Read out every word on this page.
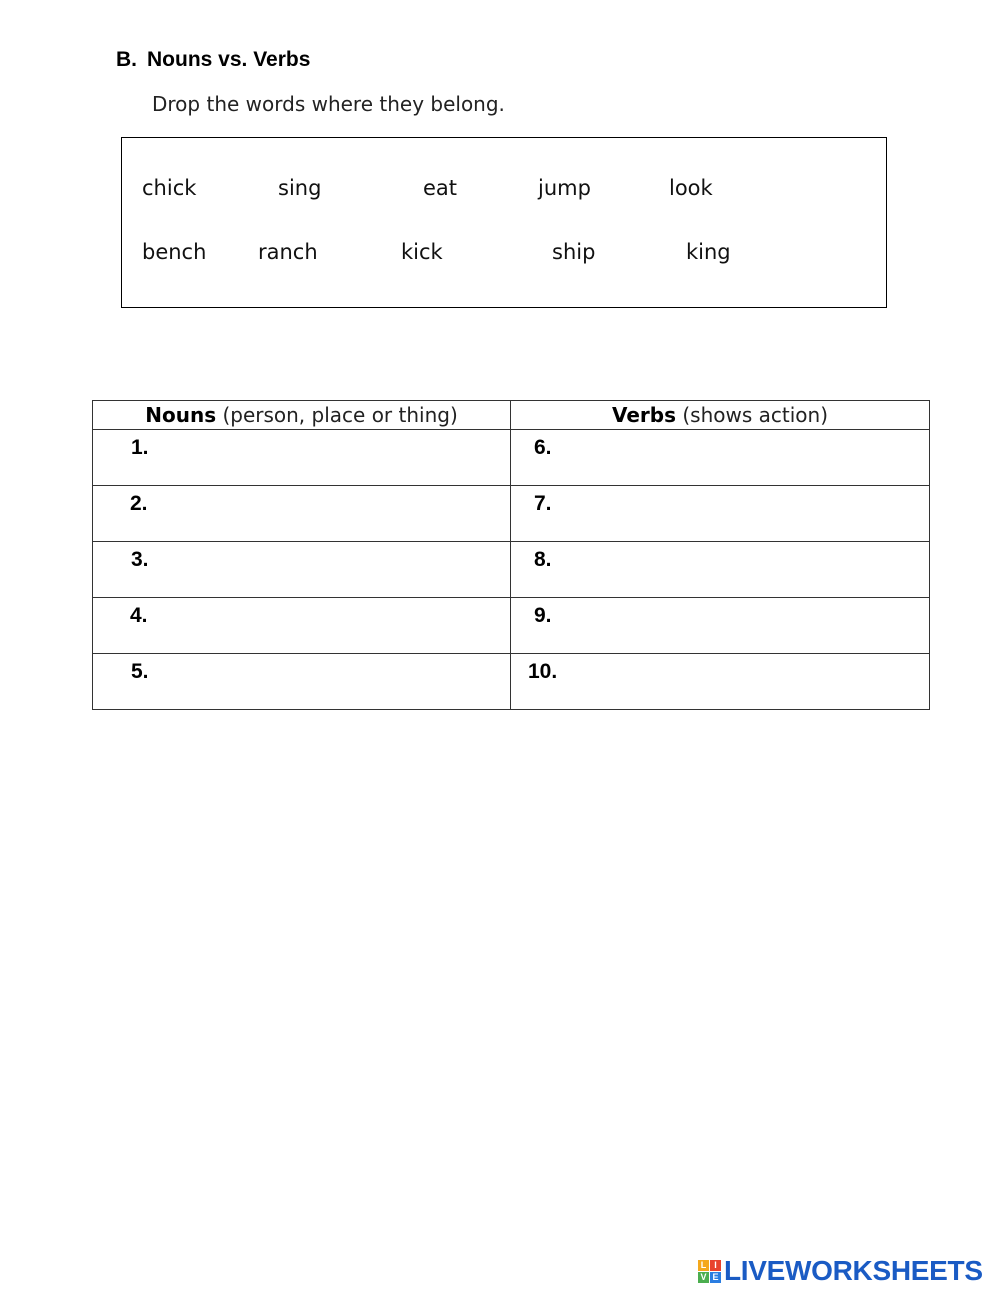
B. Nouns vs. Verbs
Drop the words where they belong.
chick	sing	eat	jump	look
bench ranch	kick	ship	king
Nouns (person, place or thing)	Verbs (shows action)

1.	6.

2.	7.

3.	8.

4.	9.

5.	10.
L I
V E LIVEWORKSHEETS
